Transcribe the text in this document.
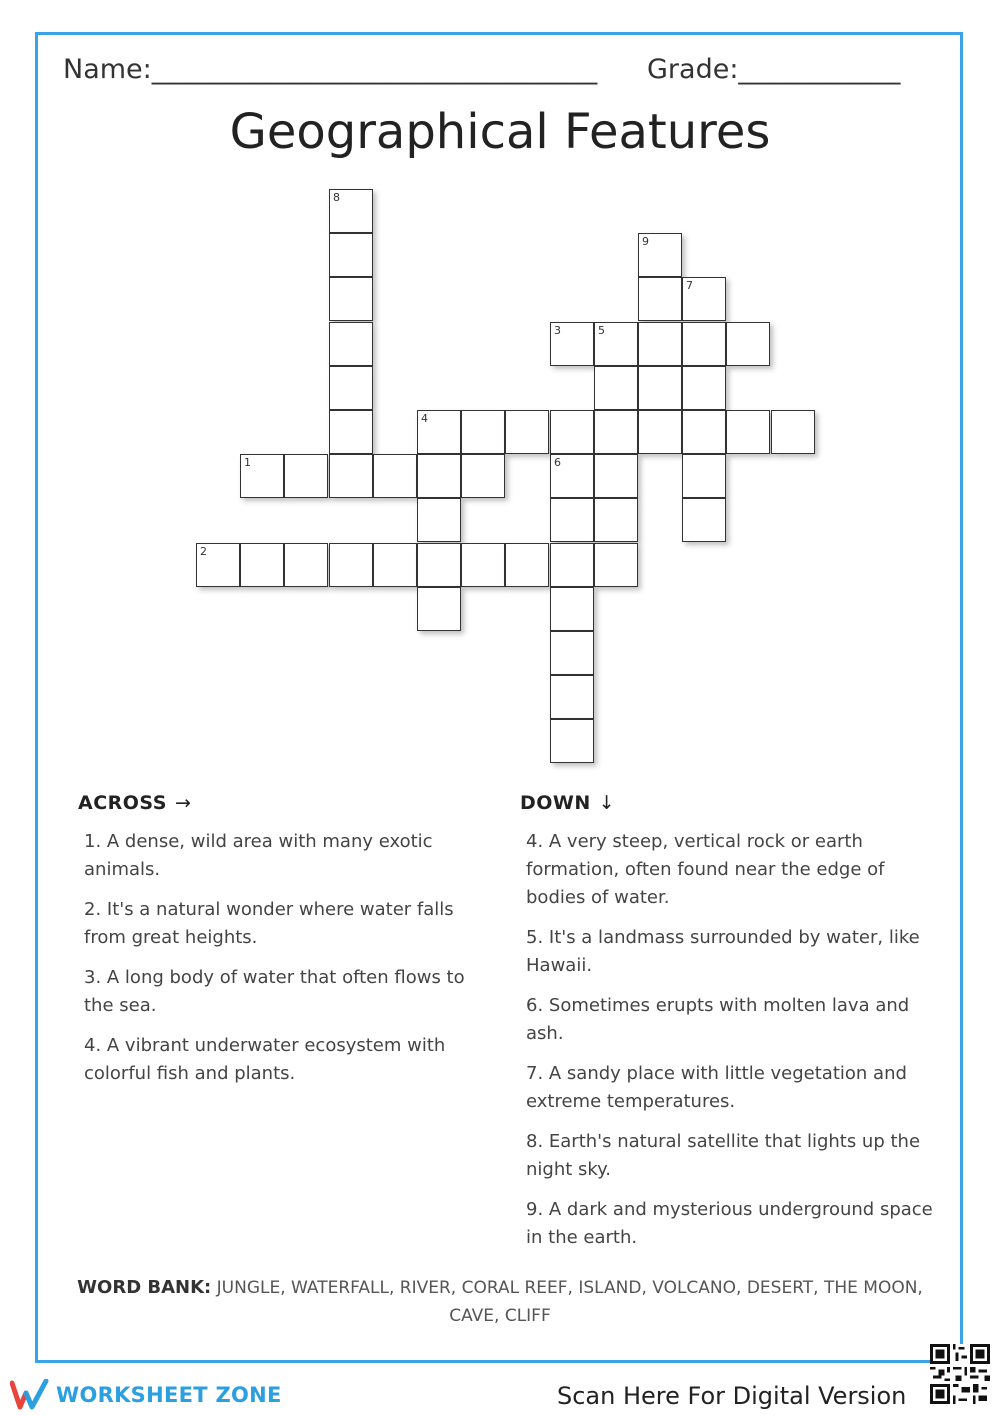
Name:_________________________________ Grade:____________
Geographical Features
8
9
7
3	5
4
1	6
2
ACROSS →
1. A dense, wild area with many exotic animals.
2. It's a natural wonder where water falls from great heights.
3. A long body of water that often flows to the sea.
4. A vibrant underwater ecosystem with colorful fish and plants.
DOWN ↓
4. A very steep, vertical rock or earth formation, often found near the edge of bodies of water.
5. It's a landmass surrounded by water, like Hawaii.
6. Sometimes erupts with molten lava and ash.
7. A sandy place with little vegetation and extreme temperatures.
8. Earth's natural satellite that lights up the night sky.
9. A dark and mysterious underground space in the earth.
WORD BANK: JUNGLE, WATERFALL, RIVER, CORAL REEF, ISLAND, VOLCANO, DESERT, THE MOON, CAVE, CLIFF
WORKSHEET ZONE	Scan Here For Digital Version
